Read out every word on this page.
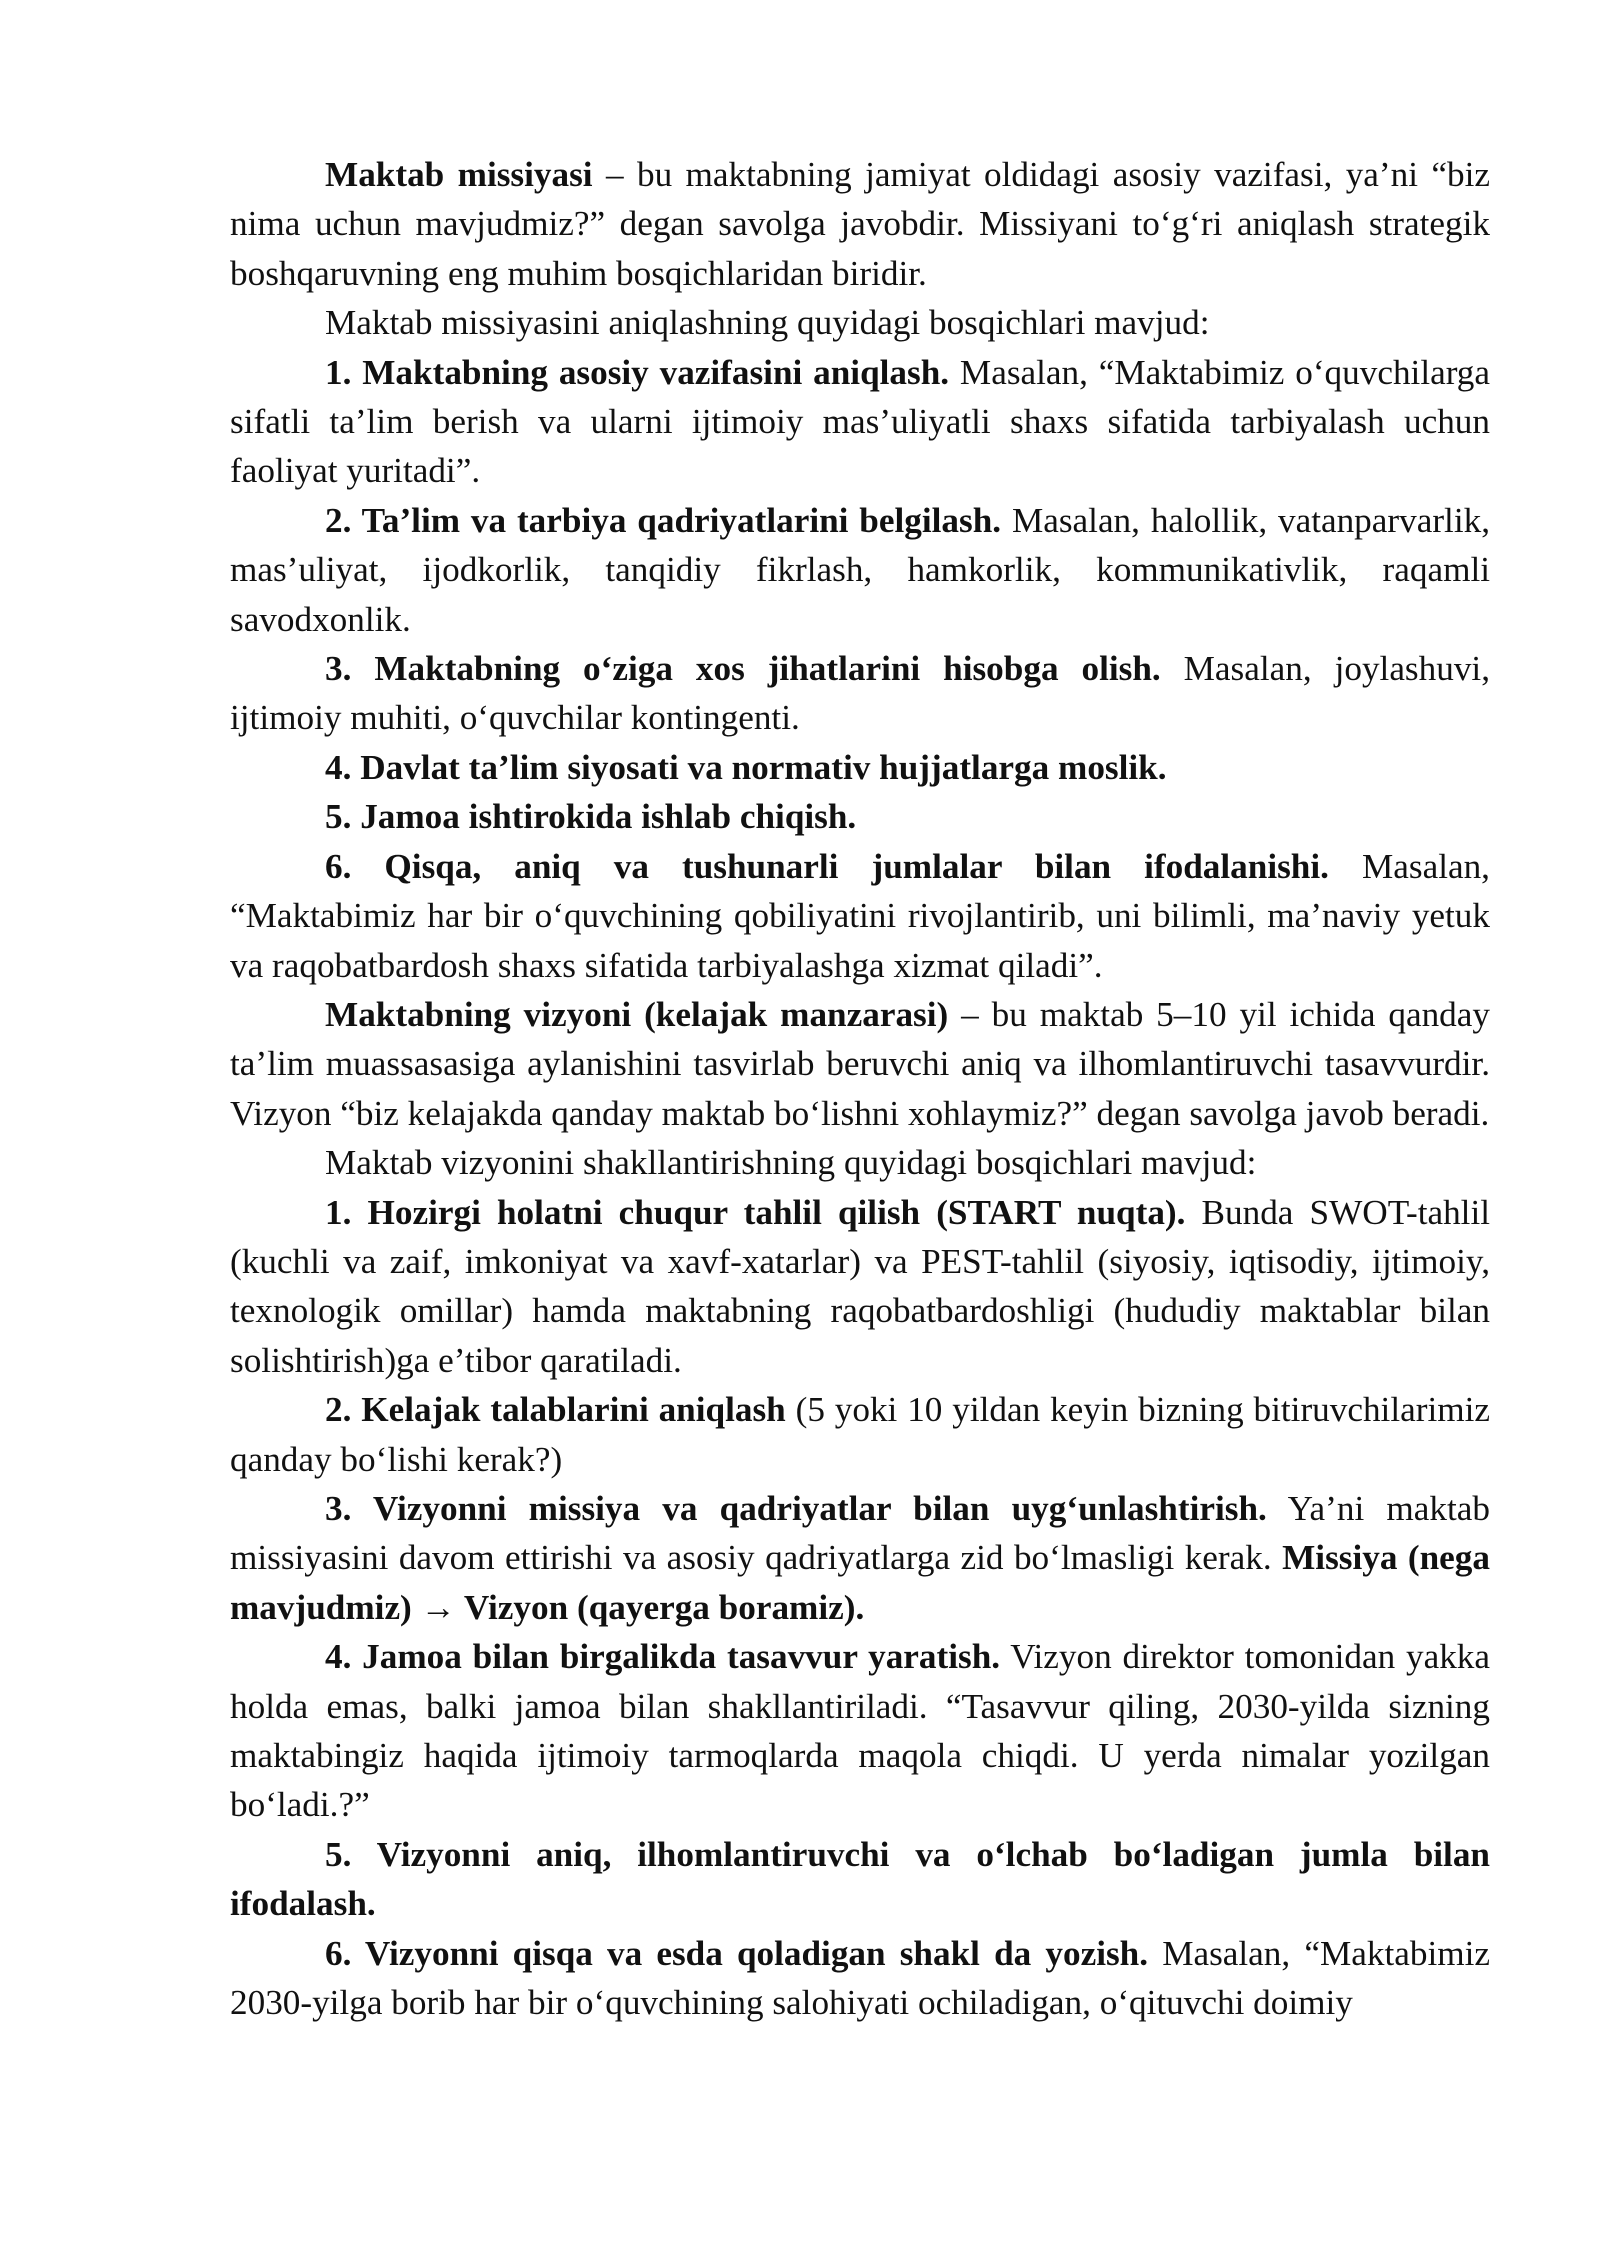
Maktab missiyasi – bu maktabning jamiyat oldidagi asosiy vazifasi, ya’ni “biz nima uchun mavjudmiz?” degan savolga javobdir. Missiyani to‘g‘ri aniqlash strategik boshqaruvning eng muhim bosqichlaridan biridir.

Maktab missiyasini aniqlashning quyidagi bosqichlari mavjud:

1. Maktabning asosiy vazifasini aniqlash. Masalan, “Maktabimiz o‘quvchilarga sifatli ta’lim berish va ularni ijtimoiy mas’uliyatli shaxs sifatida tarbiyalash uchun faoliyat yuritadi”.

2. Ta’lim va tarbiya qadriyatlarini belgilash. Masalan, halollik, vatanparvarlik, mas’uliyat, ijodkorlik, tanqidiy fikrlash, hamkorlik, kommunikativlik, raqamli savodxonlik.

3. Maktabning o‘ziga xos jihatlarini hisobga olish. Masalan, joylashuvi, ijtimoiy muhiti, o‘quvchilar kontingenti.

4. Davlat ta’lim siyosati va normativ hujjatlarga moslik.

5. Jamoa ishtirokida ishlab chiqish.

6. Qisqa, aniq va tushunarli jumlalar bilan ifodalanishi. Masalan, “Maktabimiz har bir o‘quvchining qobiliyatini rivojlantirib, uni bilimli, ma’naviy yetuk va raqobatbardosh shaxs sifatida tarbiyalashga xizmat qiladi”.

Maktabning vizyoni (kelajak manzarasi) – bu maktab 5–10 yil ichida qanday ta’lim muassasasiga aylanishini tasvirlab beruvchi aniq va ilhomlantiruvchi tasavvurdir. Vizyon “biz kelajakda qanday maktab bo‘lishni xohlaymiz?” degan savolga javob beradi.

Maktab vizyonini shakllantirishning quyidagi bosqichlari mavjud:

1. Hozirgi holatni chuqur tahlil qilish (START nuqta). Bunda SWOT-tahlil (kuchli va zaif, imkoniyat va xavf-xatarlar) va PEST-tahlil (siyosiy, iqtisodiy, ijtimoiy, texnologik omillar) hamda maktabning raqobatbardoshligi (hududiy maktablar bilan solishtirish)ga e’tibor qaratiladi.

2. Kelajak talablarini aniqlash (5 yoki 10 yildan keyin bizning bitiruvchilarimiz qanday bo‘lishi kerak?)

3. Vizyonni missiya va qadriyatlar bilan uyg‘unlashtirish. Ya’ni maktab missiyasini davom ettirishi va asosiy qadriyatlarga zid bo‘lmasligi kerak. Missiya (nega mavjudmiz) → Vizyon (qayerga boramiz).

4. Jamoa bilan birgalikda tasavvur yaratish. Vizyon direktor tomonidan yakka holda emas, balki jamoa bilan shakllantiriladi. “Tasavvur qiling, 2030-yilda sizning maktabingiz haqida ijtimoiy tarmoqlarda maqola chiqdi. U yerda nimalar yozilgan bo‘ladi.?”

5. Vizyonni aniq, ilhomlantiruvchi va o‘lchab bo‘ladigan jumla bilan ifodalash.

6. Vizyonni qisqa va esda qoladigan shakl da yozish. Masalan, “Maktabimiz 2030-yilga borib har bir o‘quvchining salohiyati ochiladigan, o‘qituvchi doimiy
